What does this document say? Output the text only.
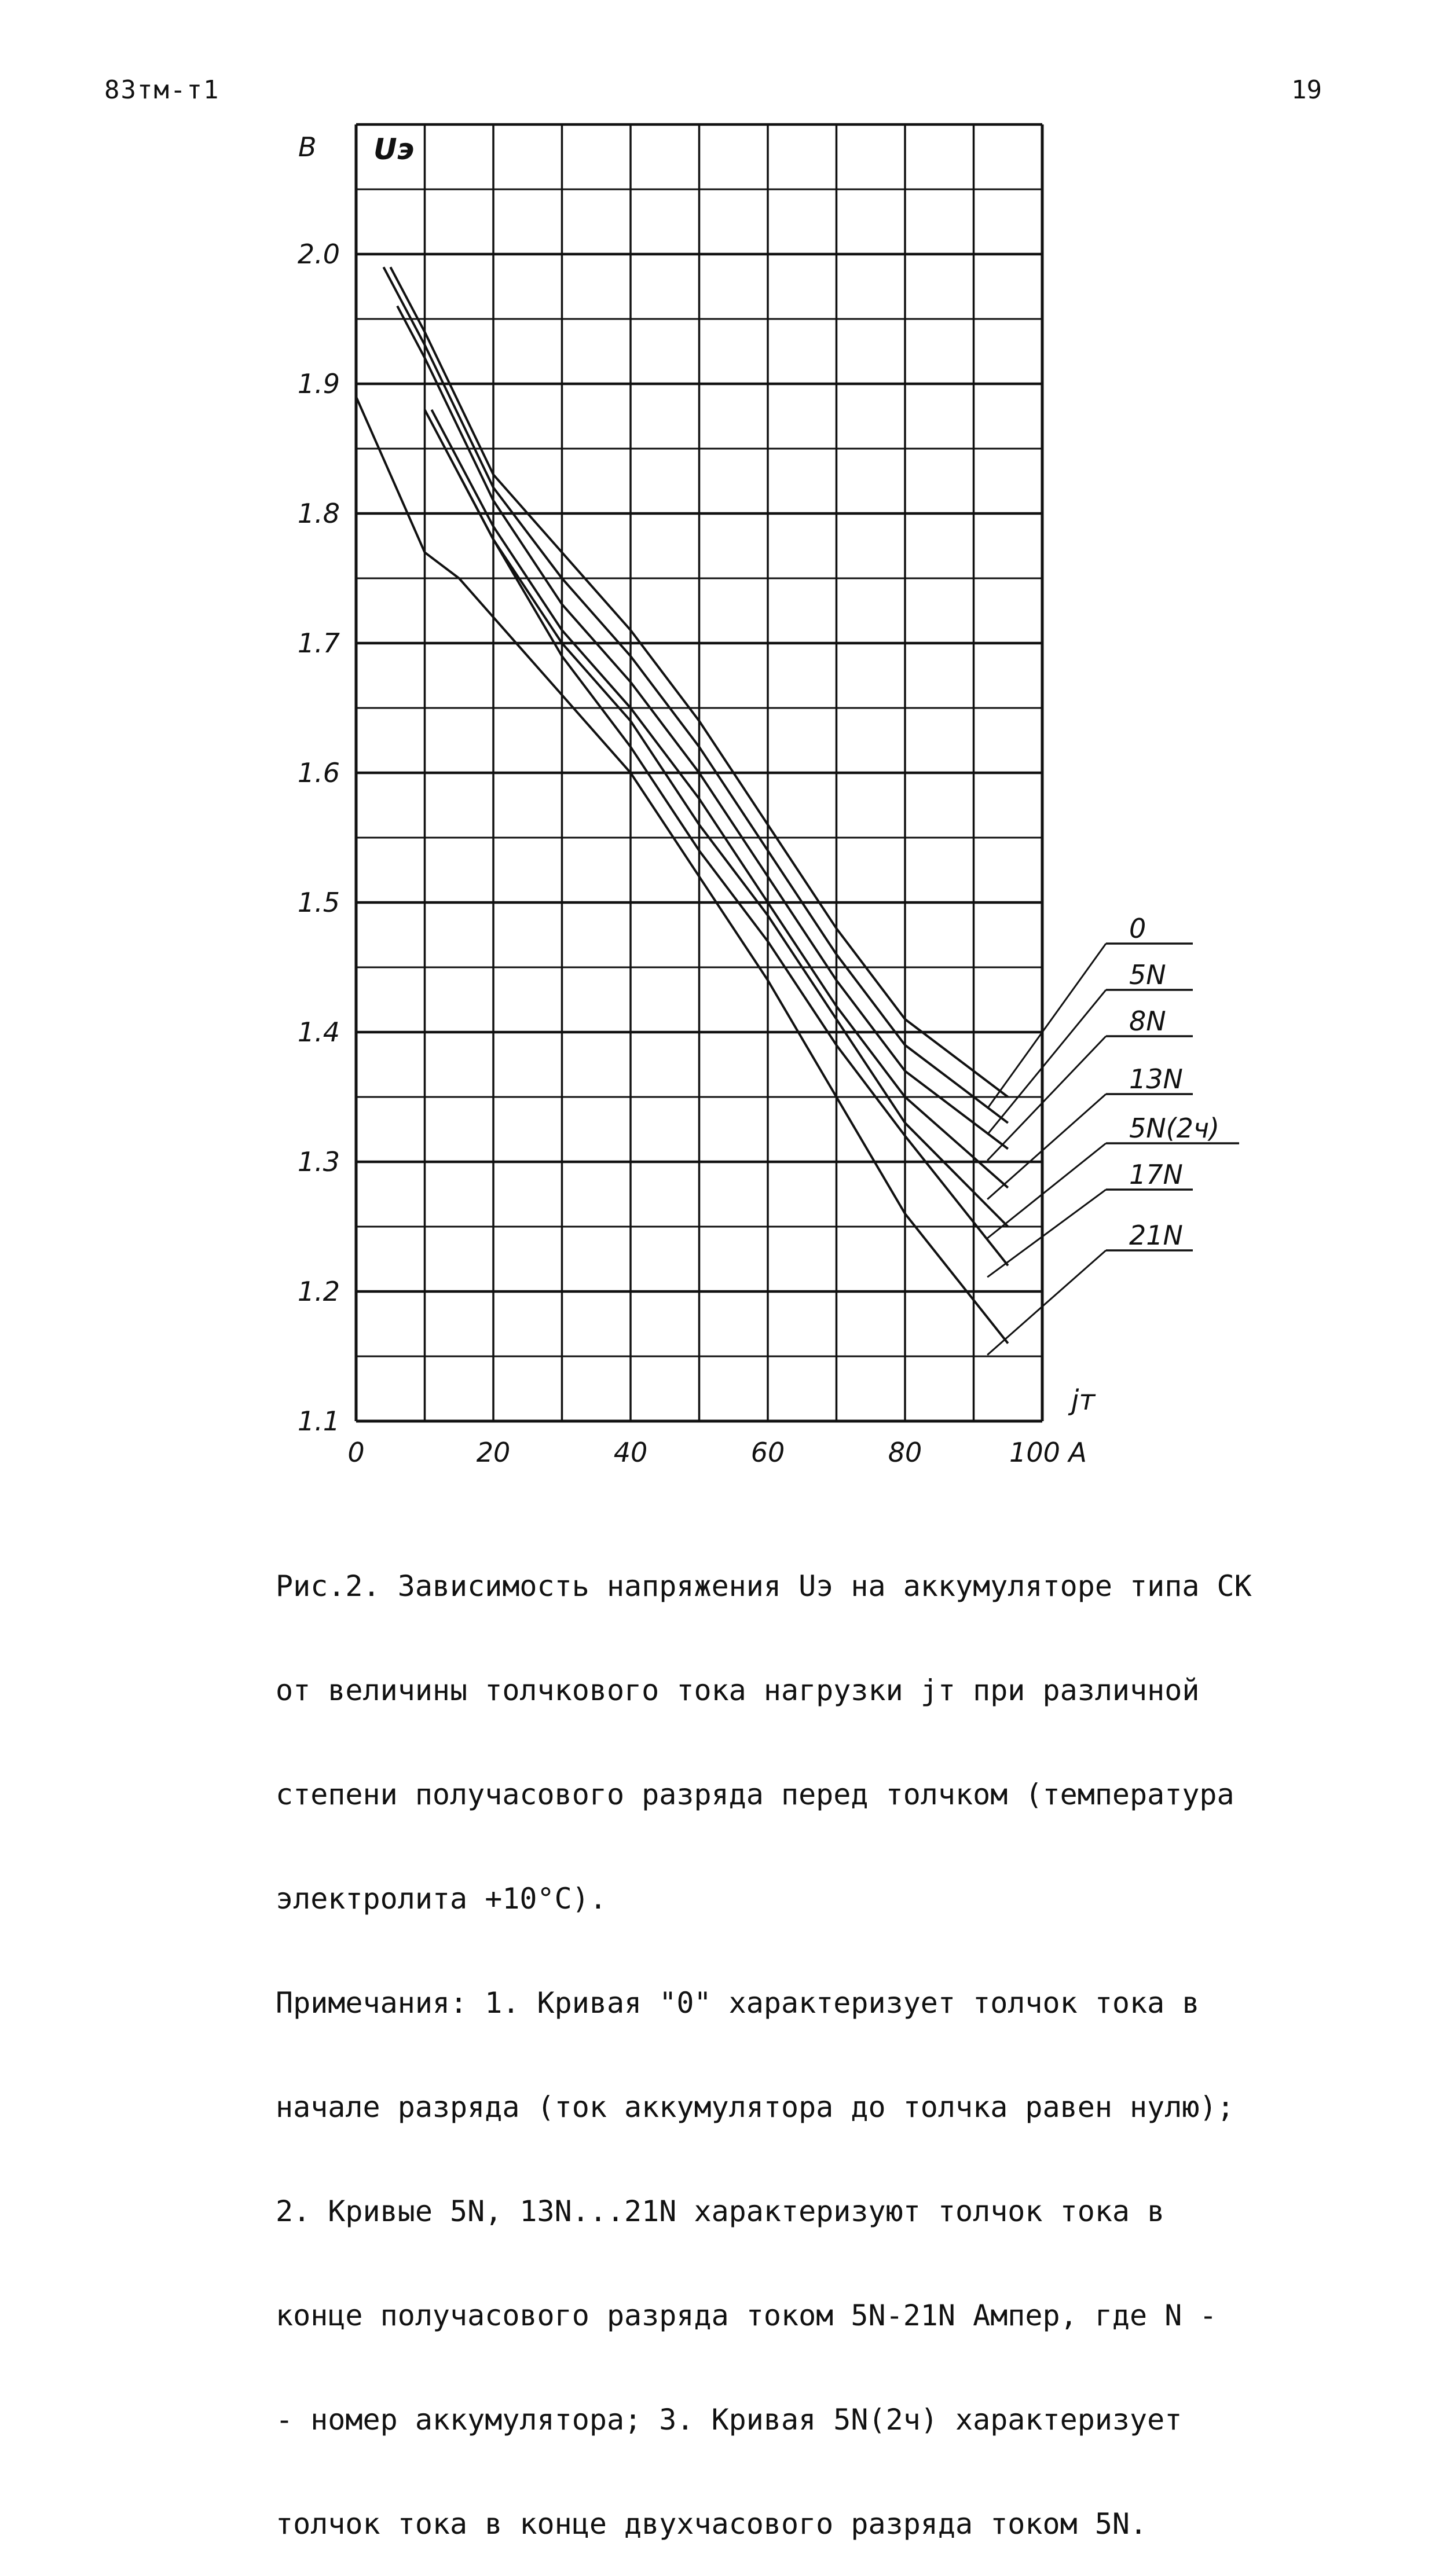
83тм-т1	19
0
5N
8N
13N
5N(2ч)
17N
21N
1.1
1.2
1.3
1.4
1.5
1.6
1.7
1.8
1.9
2.0
0	20	40	60	80	100 А
jт
В Uэ

Рис.2. Зависимость напряжения Uэ на аккумуляторе типа СК

от величины толчкового тока нагрузки jт при различной

степени получасового разряда перед толчком (температура

электролита +10°С).

Примечания: 1. Кривая "0" характеризует толчок тока в

начале разряда (ток аккумулятора до толчка равен нулю);

2. Кривые 5N, 13N...21N характеризуют толчок тока в

конце получасового разряда током 5N-21N Ампер, где N -

- номер аккумулятора; 3. Кривая 5N(2ч) характеризует

толчок тока в конце двухчасового разряда током 5N.
